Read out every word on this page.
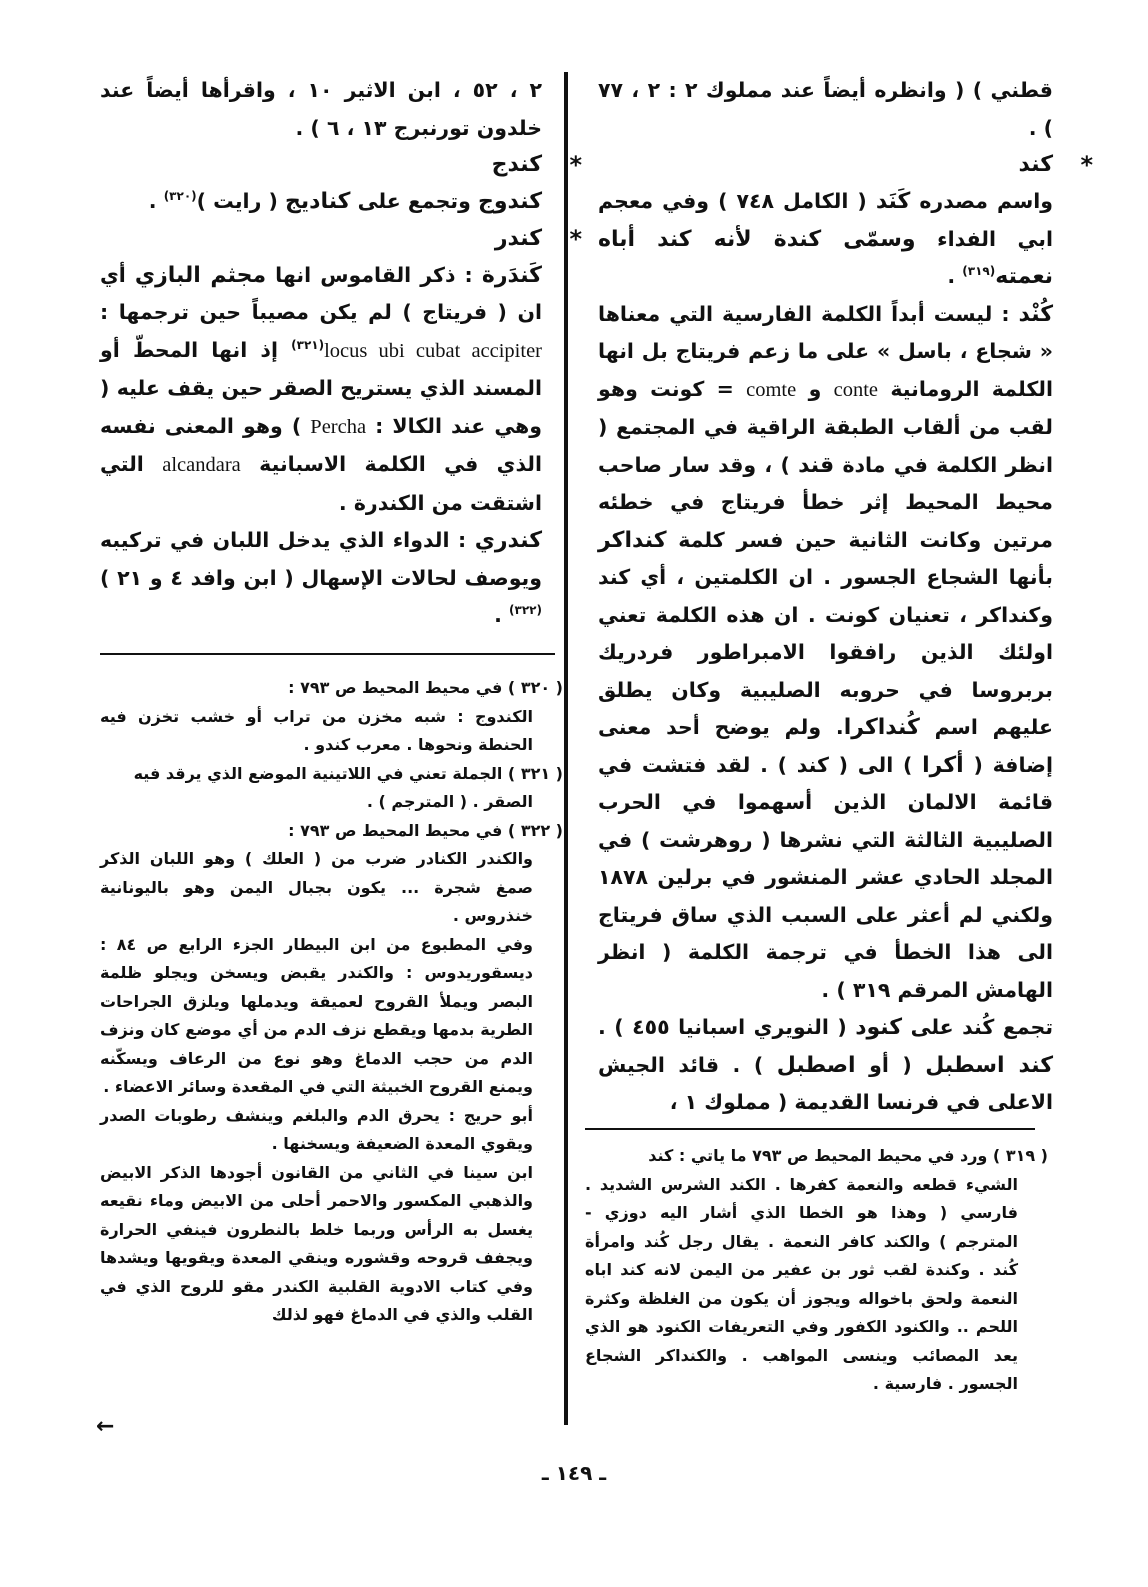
قطني ) ( وانظره أيضاً عند مملوك ٢ : ٢ ، ٧٧ ) .

*
كند

واسم مصدره كَنَد ( الكامل ٧٤٨ ) وفي معجم ابي الفداء وسمّى كندة لأنه كند أباه نعمته$^{(٣١٩)}$ .

كُنْد : ليست أبداً الكلمة الفارسية التي معناها « شجاع ، باسل » على ما زعم فريتاج بل انها الكلمة الرومانية conte و comte = كونت وهو لقب من ألقاب الطبقة الراقية في المجتمع ( انظر الكلمة في مادة قند ) ، وقد سار صاحب محيط المحيط إثر خطأ فريتاج في خطئه مرتين وكانت الثانية حين فسر كلمة كنداكر بأنها الشجاع الجسور . ان الكلمتين ، أي كند وكنداكر ، تعنيان كونت . ان هذه الكلمة تعني اولئك الذين رافقوا الامبراطور فردريك بربروسا في حروبه الصليبية وكان يطلق عليهم اسم كُنداكرا. ولم يوضح أحد معنى إضافة ( أكرا ) الى ( كند ) . لقد فتشت في قائمة الالمان الذين أسهموا في الحرب الصليبية الثالثة التي نشرها ( روهرشت ) في المجلد الحادي عشر المنشور في برلين ١٨٧٨ ولكني لم أعثر على السبب الذي ساق فريتاج الى هذا الخطأ في ترجمة الكلمة ( انظر الهامش المرقم ٣١٩ ) .

تجمع كُند على كنود ( النويري اسبانيا ٤٥٥ ) . كند اسطبل ( أو اصطبل ) . قائد الجيش الاعلى في فرنسا القديمة ( مملوك ١ ،

٢ ، ٥٢ ، ابن الاثير ١٠ ، واقرأها أيضاً عند خلدون تورنبرج ١٣ ، ٦ ) .

*
كندج

كندوج وتجمع على كناديج ( رايت )$^{(٣٢٠)}$ .

*
كندر

كَندَرة : ذكر القاموس انها مجثم البازي أي ان ( فريتاج ) لم يكن مصيباً حين ترجمها : locus ubi cubat accipiter$^{(٣٢١)}$ إذ انها المحطّ أو المسند الذي يستريح الصقر حين يقف عليه ( وهي عند الكالا : Percha ) وهو المعنى نفسه الذي في الكلمة الاسبانية alcandara التي اشتقت من الكندرة .

كندري : الدواء الذي يدخل اللبان في تركيبه ويوصف لحالات الإسهال ( ابن وافد ٤ و ٢١ )$^{(٣٢٢)}$ .

( ٣٢٠ ) في محيط المحيط ص ٧٩٣ :
الكندوج : شبه مخزن من تراب أو خشب تخزن فيه الحنطة ونحوها . معرب كندو .
( ٣٢١ ) الجملة تعني في اللاتينية الموضع الذي يرقد فيه
الصقر . ( المترجم ) .
( ٣٢٢ ) في محيط المحيط ص ٧٩٣ :
والكندر الكنادر ضرب من ( العلك ) وهو اللبان الذكر صمغ شجرة ... يكون بجبال اليمن وهو باليونانية خنذروس .
وفي المطبوع من ابن البيطار الجزء الرابع ص ٨٤ : ديسقوريدوس : والكندر يقبض ويسخن ويجلو ظلمة البصر ويملأ القروح لعميقة ويدملها ويلزق الجراحات الطرية بدمها ويقطع نزف الدم من أي موضع كان ونزف الدم من حجب الدماغ وهو نوع من الرعاف ويسكّنه ويمنع القروح الخبيثة التي في المقعدة وسائر الاعضاء .
أبو حريج : يحرق الدم والبلغم وينشف رطوبات الصدر ويقوي المعدة الضعيفة ويسخنها .
ابن سينا في الثاني من القانون أجودها الذكر الابيض والذهبي المكسور والاحمر أحلى من الابيض وماء نقيعه يغسل به الرأس وربما خلط بالنطرون فينفي الحرارة ويجفف قروحه وقشوره وينقي المعدة ويقويها ويشدها وفي كتاب الادوية القلبية الكندر مقو للروح الذي في القلب والذي في الدماغ فهو لذلك
( ٣١٩ ) ورد في محيط المحيط ص ٧٩٣ ما ياتي : كند
الشيء قطعه والنعمة كفرها . الكند الشرس الشديد . فارسي ( وهذا هو الخطا الذي أشار اليه دوزي - المترجم ) والكند كافر النعمة . يقال رجل كُند وامرأة كُند . وكندة لقب ثور بن عفير من اليمن لانه كند اباه النعمة ولحق باخواله ويجوز أن يكون من الغلظة وكثرة اللحم .. والكنود الكفور وفي التعريفات الكنود هو الذي يعد المصائب وينسى المواهب . والكنداكر الشجاع الجسور . فارسية .
←
ـ ١٤٩ ـ
